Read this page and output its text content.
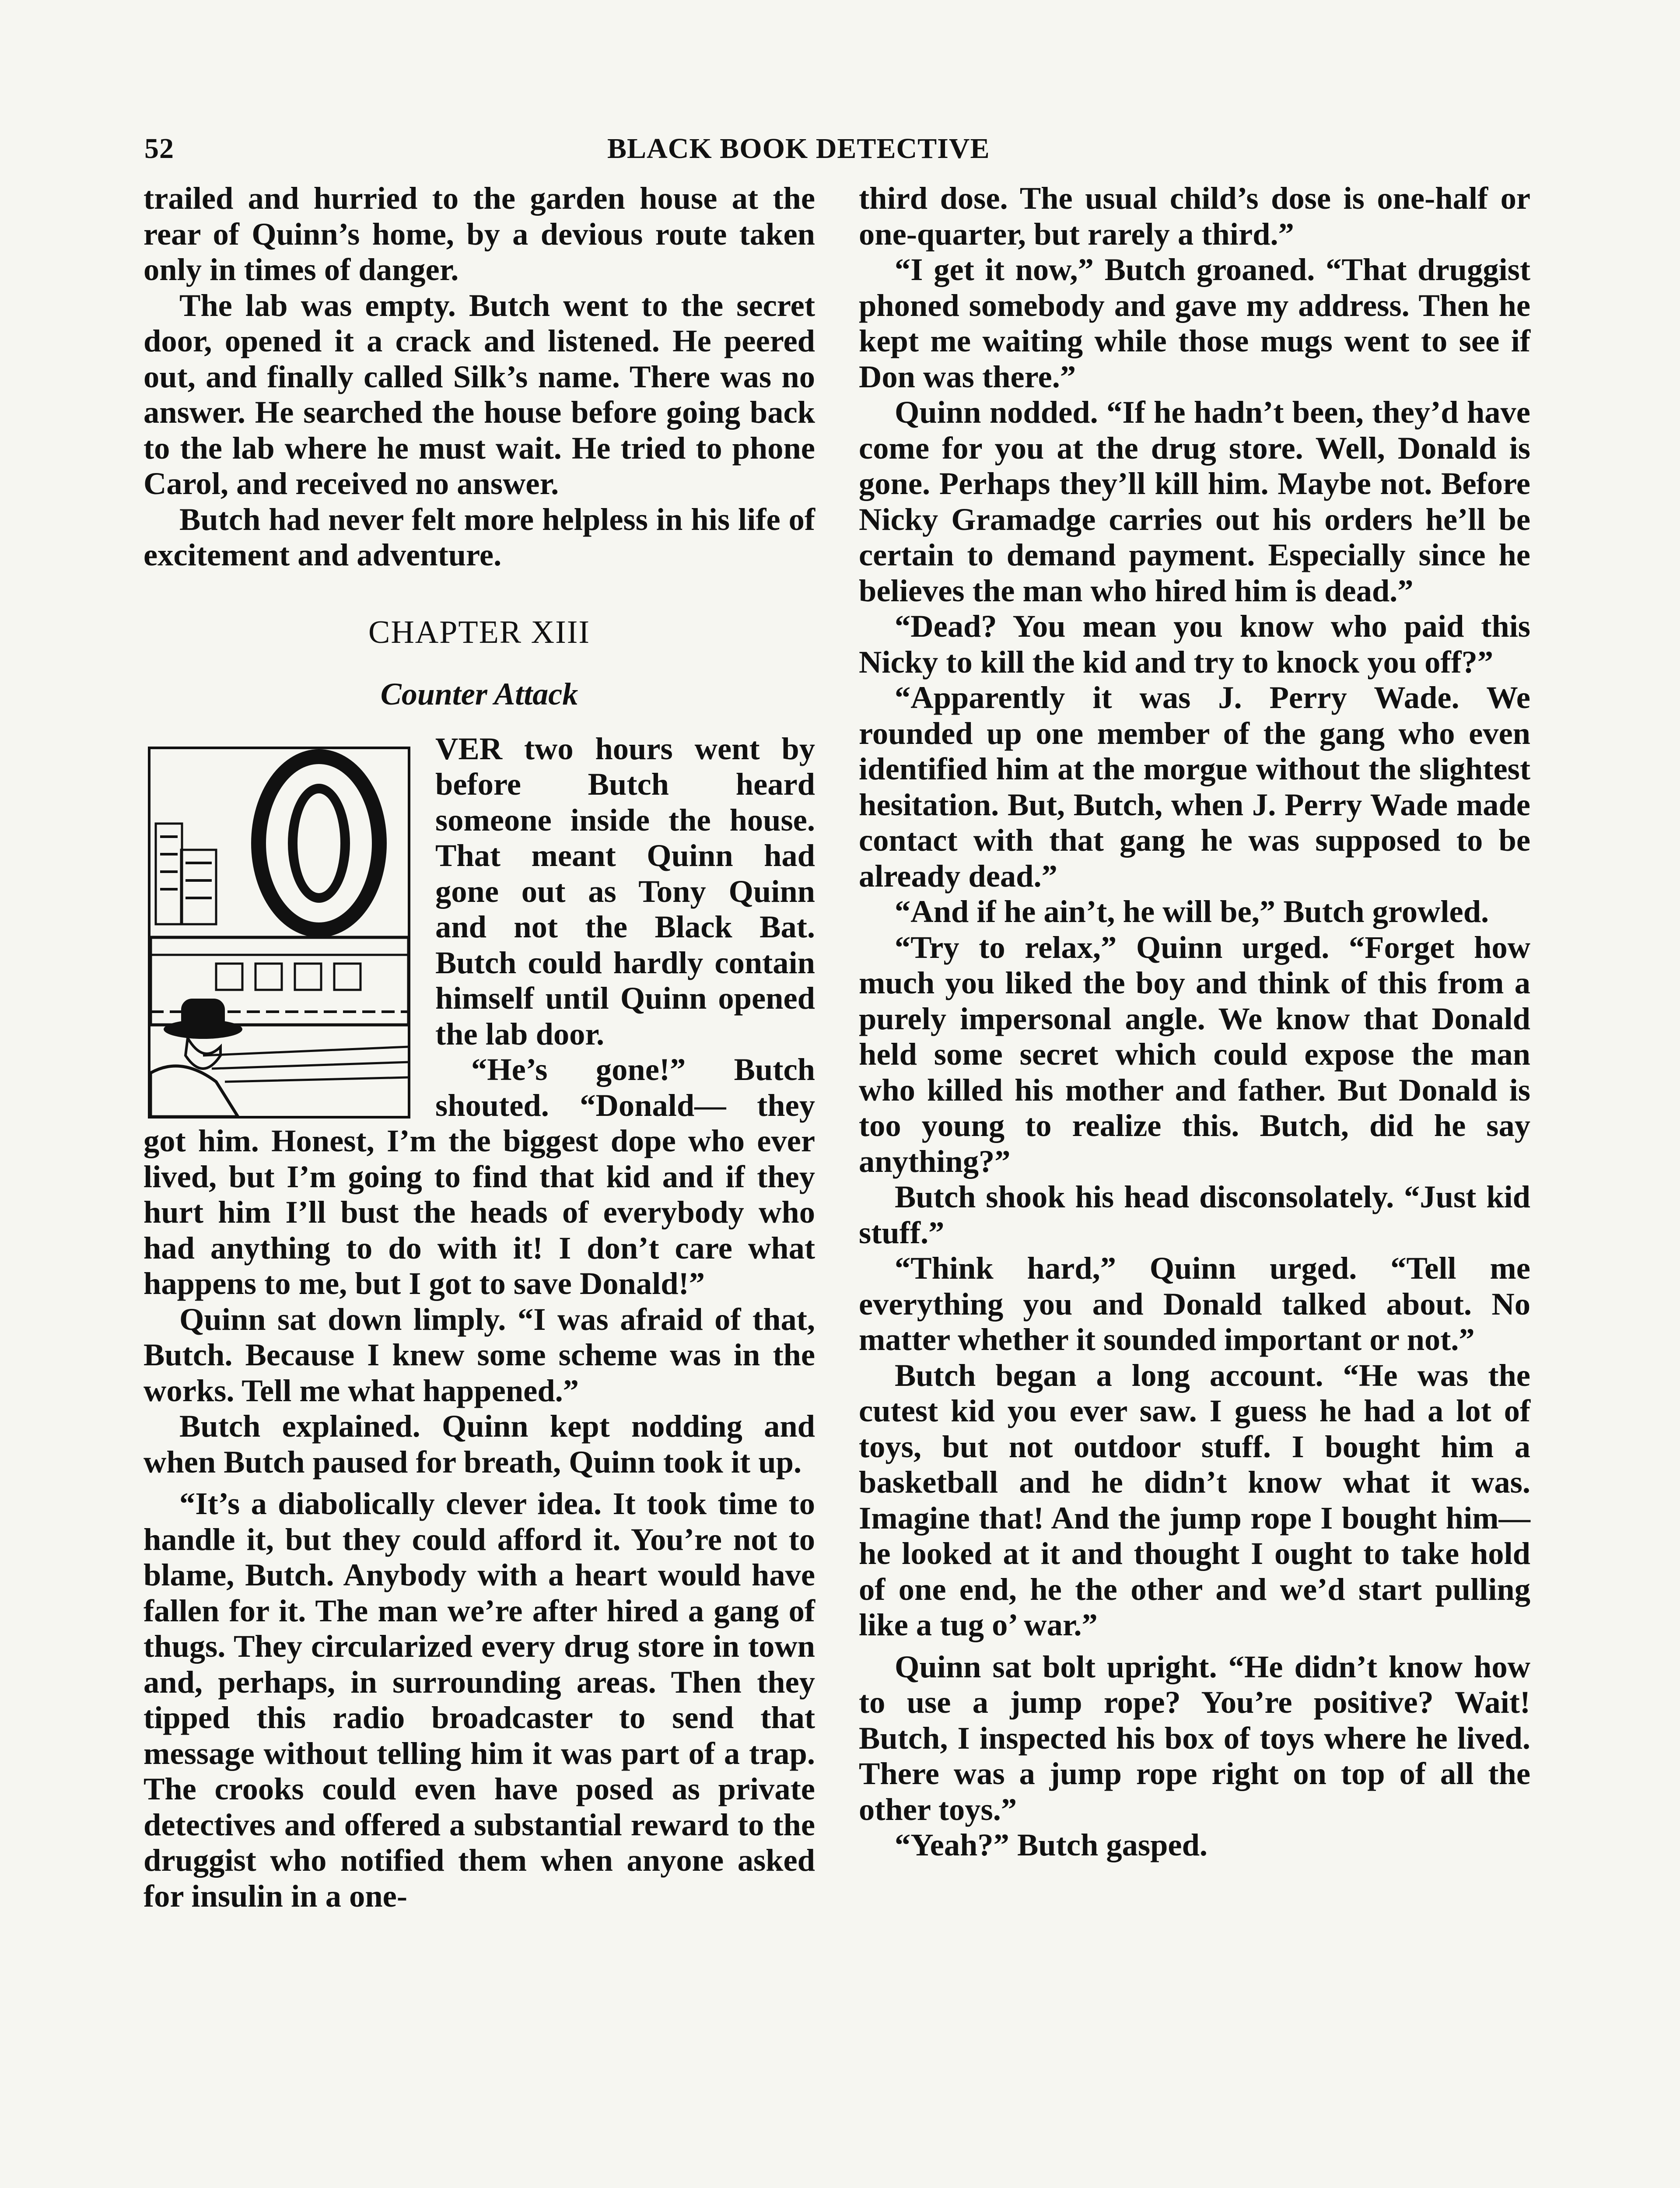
52	BLACK BOOK DETECTIVE

trailed and hurried to the garden house at the rear of Quinn’s home, by a devious route taken only in times of danger.

The lab was empty. Butch went to the secret door, opened it a crack and listened. He peered out, and finally called Silk’s name. There was no answer. He searched the house before going back to the lab where he must wait. He tried to phone Carol, and received no answer.

Butch had never felt more helpless in his life of excitement and adventure.

CHAPTER XIII
Counter Attack

VER two hours went by before Butch heard someone inside the house. That meant Quinn had gone out as Tony Quinn and not the Black Bat. Butch could hardly contain himself until Quinn opened the lab door.

“He’s gone!” Butch shouted. “Donald— they got him. Honest, I’m the biggest dope who ever lived, but I’m going to find that kid and if they hurt him I’ll bust the heads of everybody who had anything to do with it! I don’t care what happens to me, but I got to save Donald!”

Quinn sat down limply. “I was afraid of that, Butch. Because I knew some scheme was in the works. Tell me what happened.”

Butch explained. Quinn kept nodding and when Butch paused for breath, Quinn took it up.

“It’s a diabolically clever idea. It took time to handle it, but they could afford it. You’re not to blame, Butch. Anybody with a heart would have fallen for it. The man we’re after hired a gang of thugs. They circularized every drug store in town and, perhaps, in surrounding areas. Then they tipped this radio broadcaster to send that message without telling him it was part of a trap. The crooks could even have posed as private detectives and offered a substantial reward to the druggist who notified them when anyone asked for insulin in a one-

third dose. The usual child’s dose is one-half or one-quarter, but rarely a third.”

“I get it now,” Butch groaned. “That druggist phoned somebody and gave my address. Then he kept me waiting while those mugs went to see if Don was there.”

Quinn nodded. “If he hadn’t been, they’d have come for you at the drug store. Well, Donald is gone. Perhaps they’ll kill him. Maybe not. Before Nicky Gramadge carries out his orders he’ll be certain to demand payment. Especially since he believes the man who hired him is dead.”

“Dead? You mean you know who paid this Nicky to kill the kid and try to knock you off?”

“Apparently it was J. Perry Wade. We rounded up one member of the gang who even identified him at the morgue without the slightest hesitation. But, Butch, when J. Perry Wade made contact with that gang he was supposed to be already dead.”

“And if he ain’t, he will be,” Butch growled.

“Try to relax,” Quinn urged. “Forget how much you liked the boy and think of this from a purely impersonal angle. We know that Donald held some secret which could expose the man who killed his mother and father. But Donald is too young to realize this. Butch, did he say anything?”

Butch shook his head disconsolately. “Just kid stuff.”

“Think hard,” Quinn urged. “Tell me everything you and Donald talked about. No matter whether it sounded important or not.”

Butch began a long account. “He was the cutest kid you ever saw. I guess he had a lot of toys, but not outdoor stuff. I bought him a basketball and he didn’t know what it was. Imagine that! And the jump rope I bought him—he looked at it and thought I ought to take hold of one end, he the other and we’d start pulling like a tug o’ war.”

Quinn sat bolt upright. “He didn’t know how to use a jump rope? You’re positive? Wait! Butch, I inspected his box of toys where he lived. There was a jump rope right on top of all the other toys.”

“Yeah?” Butch gasped.
